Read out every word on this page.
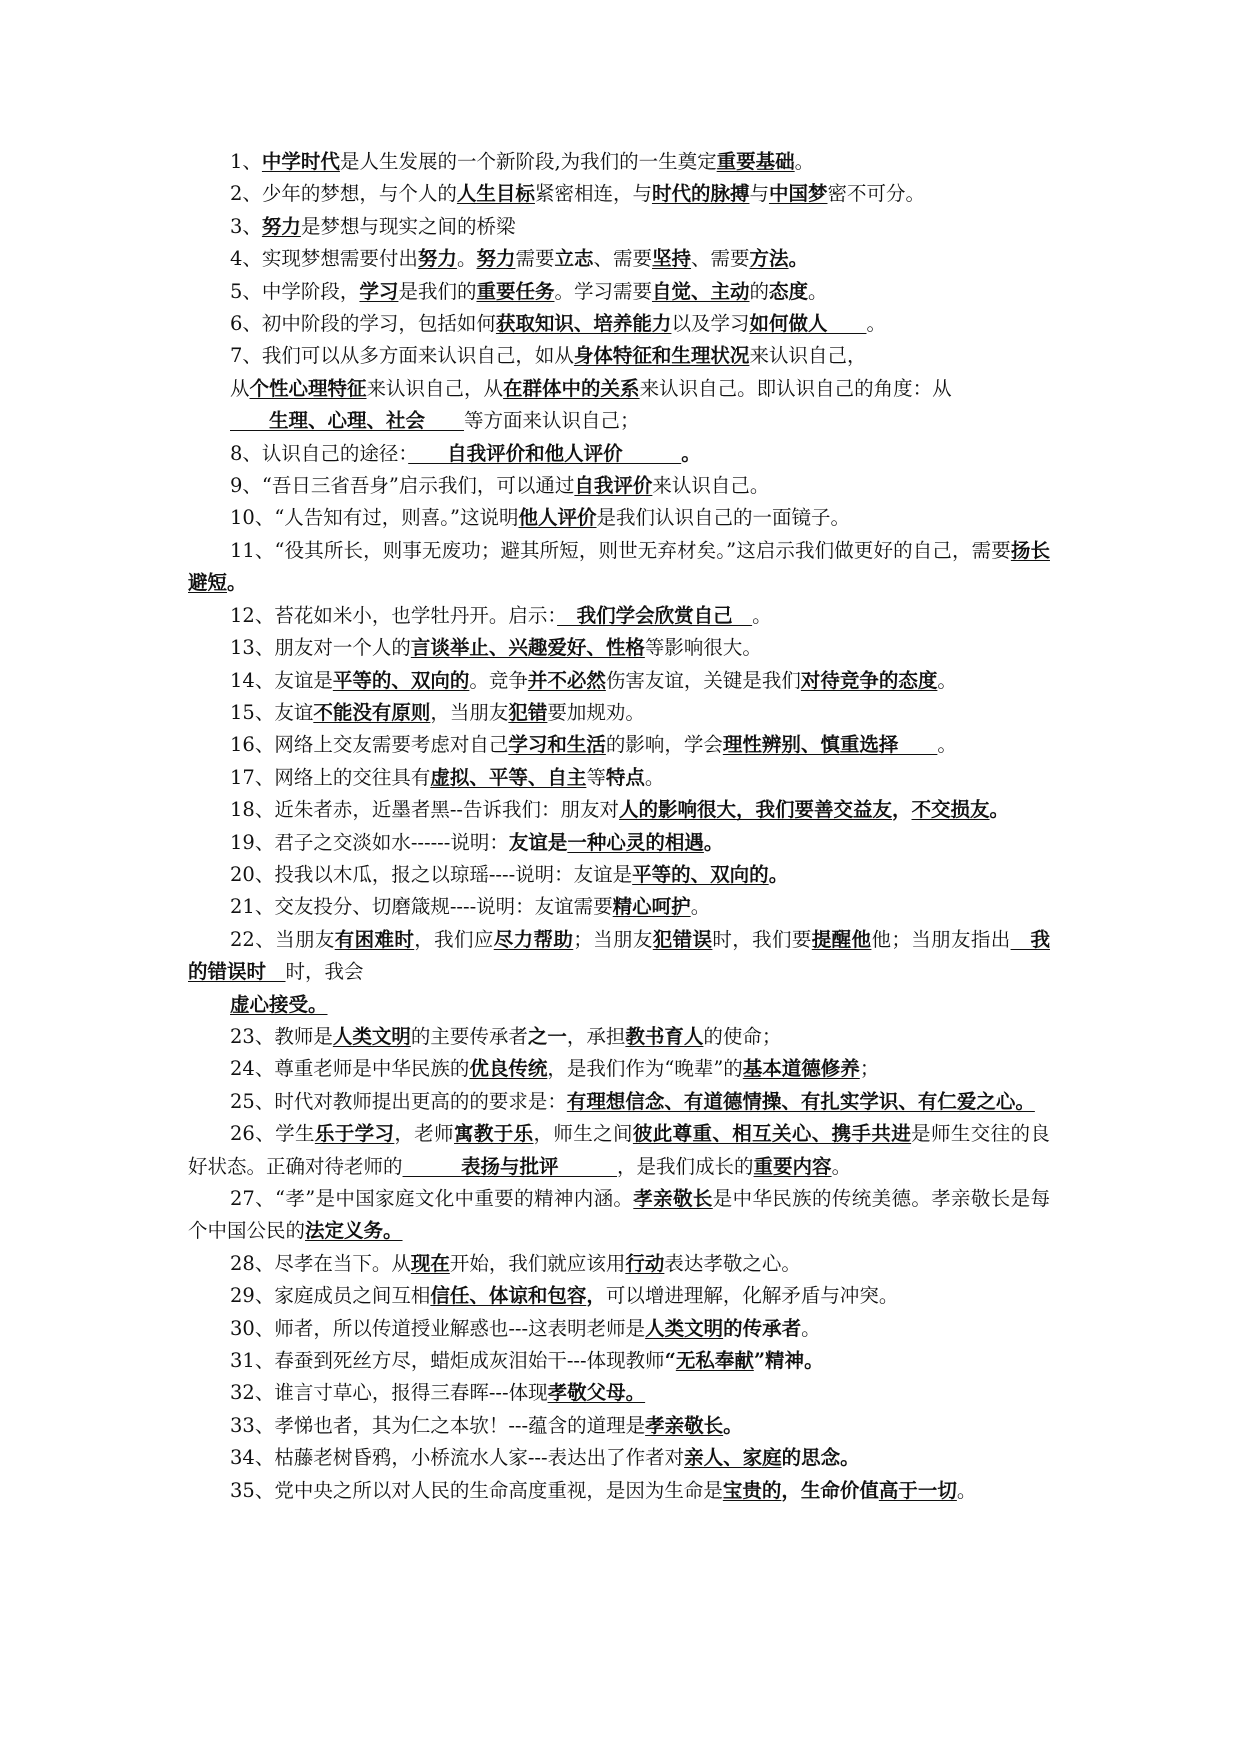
1、中学时代是人生发展的一个新阶段,为我们的一生奠定重要基础。

2、少年的梦想，与个人的人生目标紧密相连，与时代的脉搏与中国梦密不可分。

3、努力是梦想与现实之间的桥梁

4、实现梦想需要付出努力。努力需要立志、需要坚持、需要方法。

5、中学阶段，学习是我们的重要任务。学习需要自觉、主动的态度。

6、初中阶段的学习，包括如何获取知识、培养能力以及学习如何做人　　。

7、我们可以从多方面来认识自己，如从身体特征和生理状况来认识自己，

从个性心理特征来认识自己，从在群体中的关系来认识自己。即认识自己的角度：从

　　生理、心理、社会　　等方面来认识自己；

8、认识自己的途径：　　自我评价和他人评价　　　。

9、“吾日三省吾身”启示我们，可以通过自我评价来认识自己。

10、“人告知有过，则喜。”这说明他人评价是我们认识自己的一面镜子。

11、“役其所长，则事无废功；避其所短，则世无弃材矣。”这启示我们做更好的自己，需要扬长避短。

12、苔花如米小，也学牡丹开。启示：　我们学会欣赏自己　。

13、朋友对一个人的言谈举止、兴趣爱好、性格等影响很大。

14、友谊是平等的、双向的。竞争并不必然伤害友谊，关键是我们对待竞争的态度。

15、友谊不能没有原则，当朋友犯错要加规劝。

16、网络上交友需要考虑对自己学习和生活的影响，学会理性辨别、慎重选择　　。

17、网络上的交往具有虚拟、平等、自主等特点。

18、近朱者赤，近墨者黑--告诉我们：朋友对人的影响很大，我们要善交益友，不交损友。

19、君子之交淡如水------说明：友谊是一种心灵的相遇。

20、投我以木瓜，报之以琼瑶----说明：友谊是平等的、双向的。

21、交友投分、切磨箴规----说明：友谊需要精心呵护。

22、当朋友有困难时，我们应尽力帮助；当朋友犯错误时，我们要提醒他他；当朋友指出　我的错误时　时，我会

虚心接受。

23、教师是人类文明的主要传承者之一，承担教书育人的使命；

24、尊重老师是中华民族的优良传统，是我们作为“晚辈”的基本道德修养；

25、时代对教师提出更高的的要求是：有理想信念、有道德情操、有扎实学识、有仁爱之心。

26、学生乐于学习，老师寓教于乐，师生之间彼此尊重、相互关心、携手共进是师生交往的良好状态。正确对待老师的　　　表扬与批评　　　，是我们成长的重要内容。

27、“孝”是中国家庭文化中重要的精神内涵。孝亲敬长是中华民族的传统美德。孝亲敬长是每个中国公民的法定义务。

28、尽孝在当下。从现在开始，我们就应该用行动表达孝敬之心。

29、家庭成员之间互相信任、体谅和包容，可以增进理解，化解矛盾与冲突。

30、师者，所以传道授业解惑也---这表明老师是人类文明的传承者。

31、春蚕到死丝方尽，蜡炬成灰泪始干---体现教师“无私奉献”精神。

32、谁言寸草心，报得三春晖---体现孝敬父母。

33、孝悌也者，其为仁之本欤！---蕴含的道理是孝亲敬长。

34、枯藤老树昏鸦，小桥流水人家---表达出了作者对亲人、家庭的思念。

35、党中央之所以对人民的生命高度重视，是因为生命是宝贵的，生命价值高于一切。
